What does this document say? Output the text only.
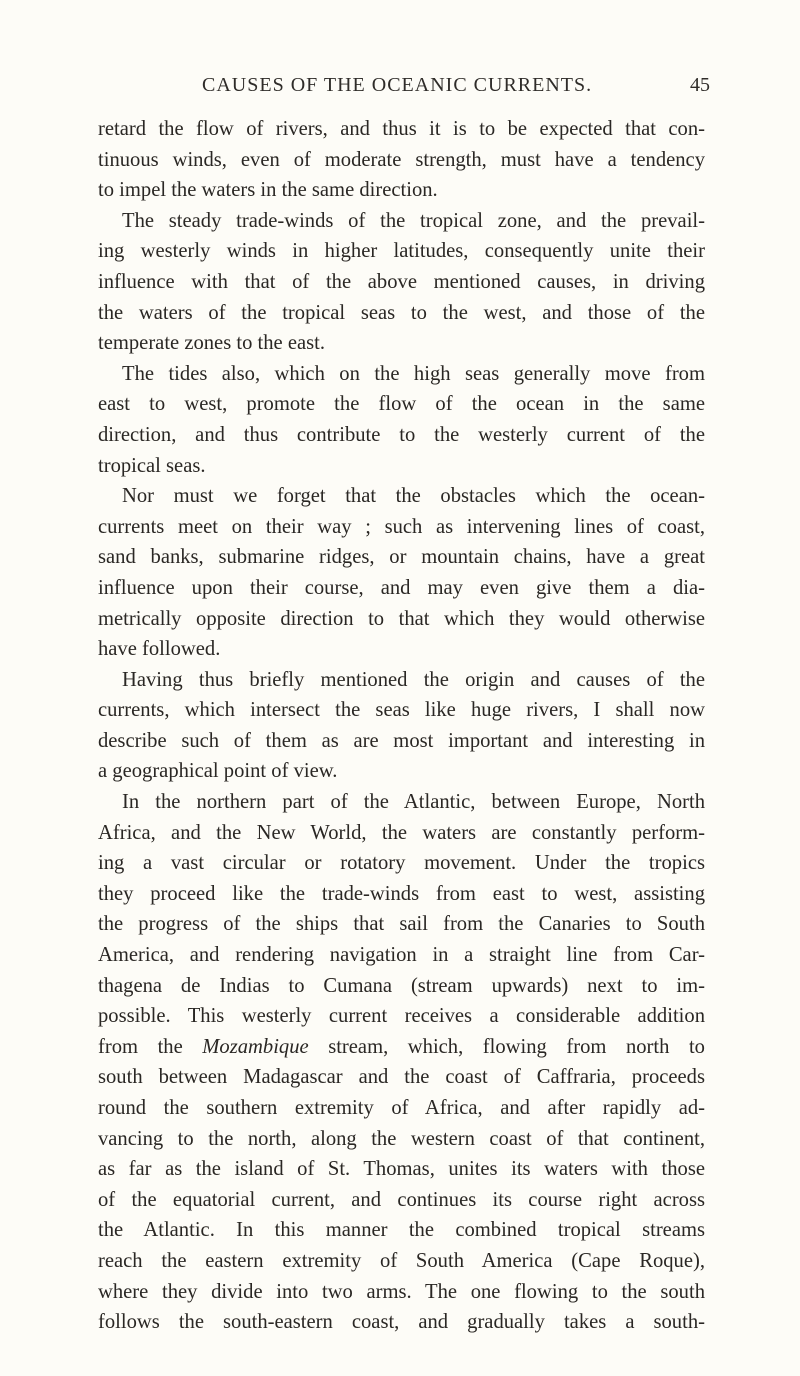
CAUSES OF THE OCEANIC CURRENTS.	45
retard the flow of rivers, and thus it is to be expected that con-
tinuous winds, even of moderate strength, must have a tendency
to impel the waters in the same direction.
The steady trade-winds of the tropical zone, and the prevail-
ing westerly winds in higher latitudes, consequently unite their
influence with that of the above mentioned causes, in driving
the waters of the tropical seas to the west, and those of the
temperate zones to the east.
The tides also, which on the high seas generally move from
east to west, promote the flow of the ocean in the same
direction, and thus contribute to the westerly current of the
tropical seas.
Nor must we forget that the obstacles which the ocean-
currents meet on their way ; such as intervening lines of coast,
sand banks, submarine ridges, or mountain chains, have a great
influence upon their course, and may even give them a dia-
metrically opposite direction to that which they would otherwise
have followed.
Having thus briefly mentioned the origin and causes of the
currents, which intersect the seas like huge rivers, I shall now
describe such of them as are most important and interesting in
a geographical point of view.
In the northern part of the Atlantic, between Europe, North
Africa, and the New World, the waters are constantly perform-
ing a vast circular or rotatory movement. Under the tropics
they proceed like the trade-winds from east to west, assisting
the progress of the ships that sail from the Canaries to South
America, and rendering navigation in a straight line from Car-
thagena de Indias to Cumana (stream upwards) next to im-
possible. This westerly current receives a considerable addition
from the Mozambique stream, which, flowing from north to
south between Madagascar and the coast of Caffraria, proceeds
round the southern extremity of Africa, and after rapidly ad-
vancing to the north, along the western coast of that continent,
as far as the island of St. Thomas, unites its waters with those
of the equatorial current, and continues its course right across
the Atlantic. In this manner the combined tropical streams
reach the eastern extremity of South America (Cape Roque),
where they divide into two arms. The one flowing to the south
follows the south-eastern coast, and gradually takes a south-
